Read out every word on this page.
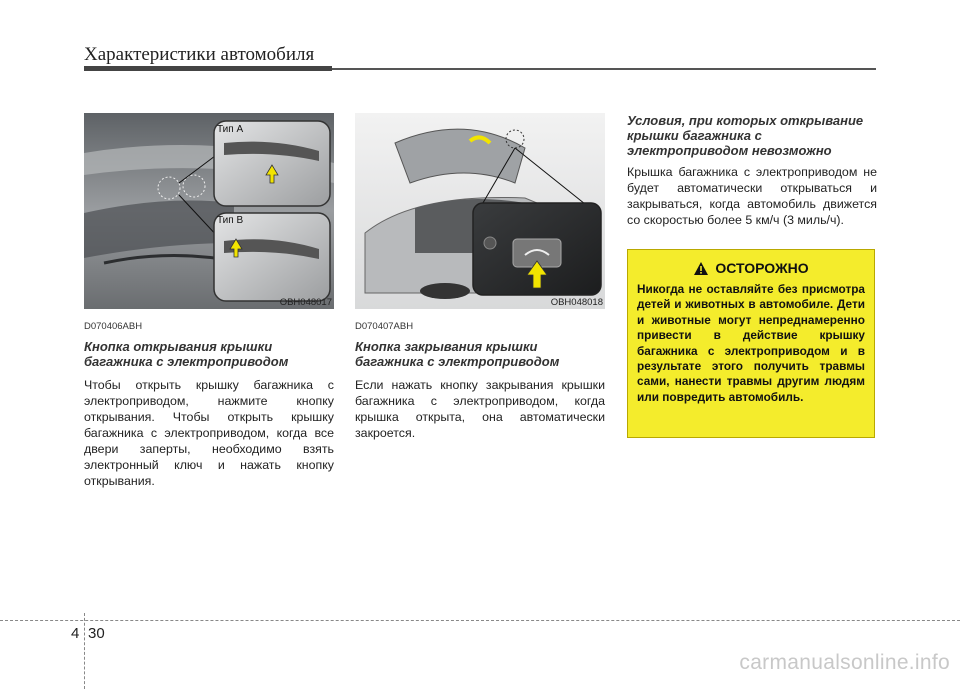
Характеристики автомобиля
Тип A
Тип B
OBH048017
D070406ABH
Кнопка открывания крышки багажника с электроприводом
Чтобы открыть крышку багажника с электроприводом, нажмите кнопку открывания. Чтобы открыть крышку багажника с электроприводом, когда все двери заперты, необходимо взять электронный ключ и нажать кнопку открывания.
OBH048018
D070407ABH
Кнопка закрывания крышки багажника с электроприводом
Если нажать кнопку закрывания крышки багажника с электроприводом, когда крышка открыта, она автоматически закроется.
Условия, при которых открывание крышки багажника с электроприводом невозможно
Крышка багажника с электроприводом не будет автоматически открываться и закрываться, когда автомобиль движется со скоростью более 5 км/ч (3 миль/ч).
ОСТОРОЖНО
Никогда не оставляйте без присмотра детей и животных в автомобиле. Дети и животные могут непреднамеренно привести в действие крышку багажника с электроприводом и в результате этого получить травмы сами, нанести травмы другим людям или повредить автомобиль.
4 30
carmanualsonline.info
